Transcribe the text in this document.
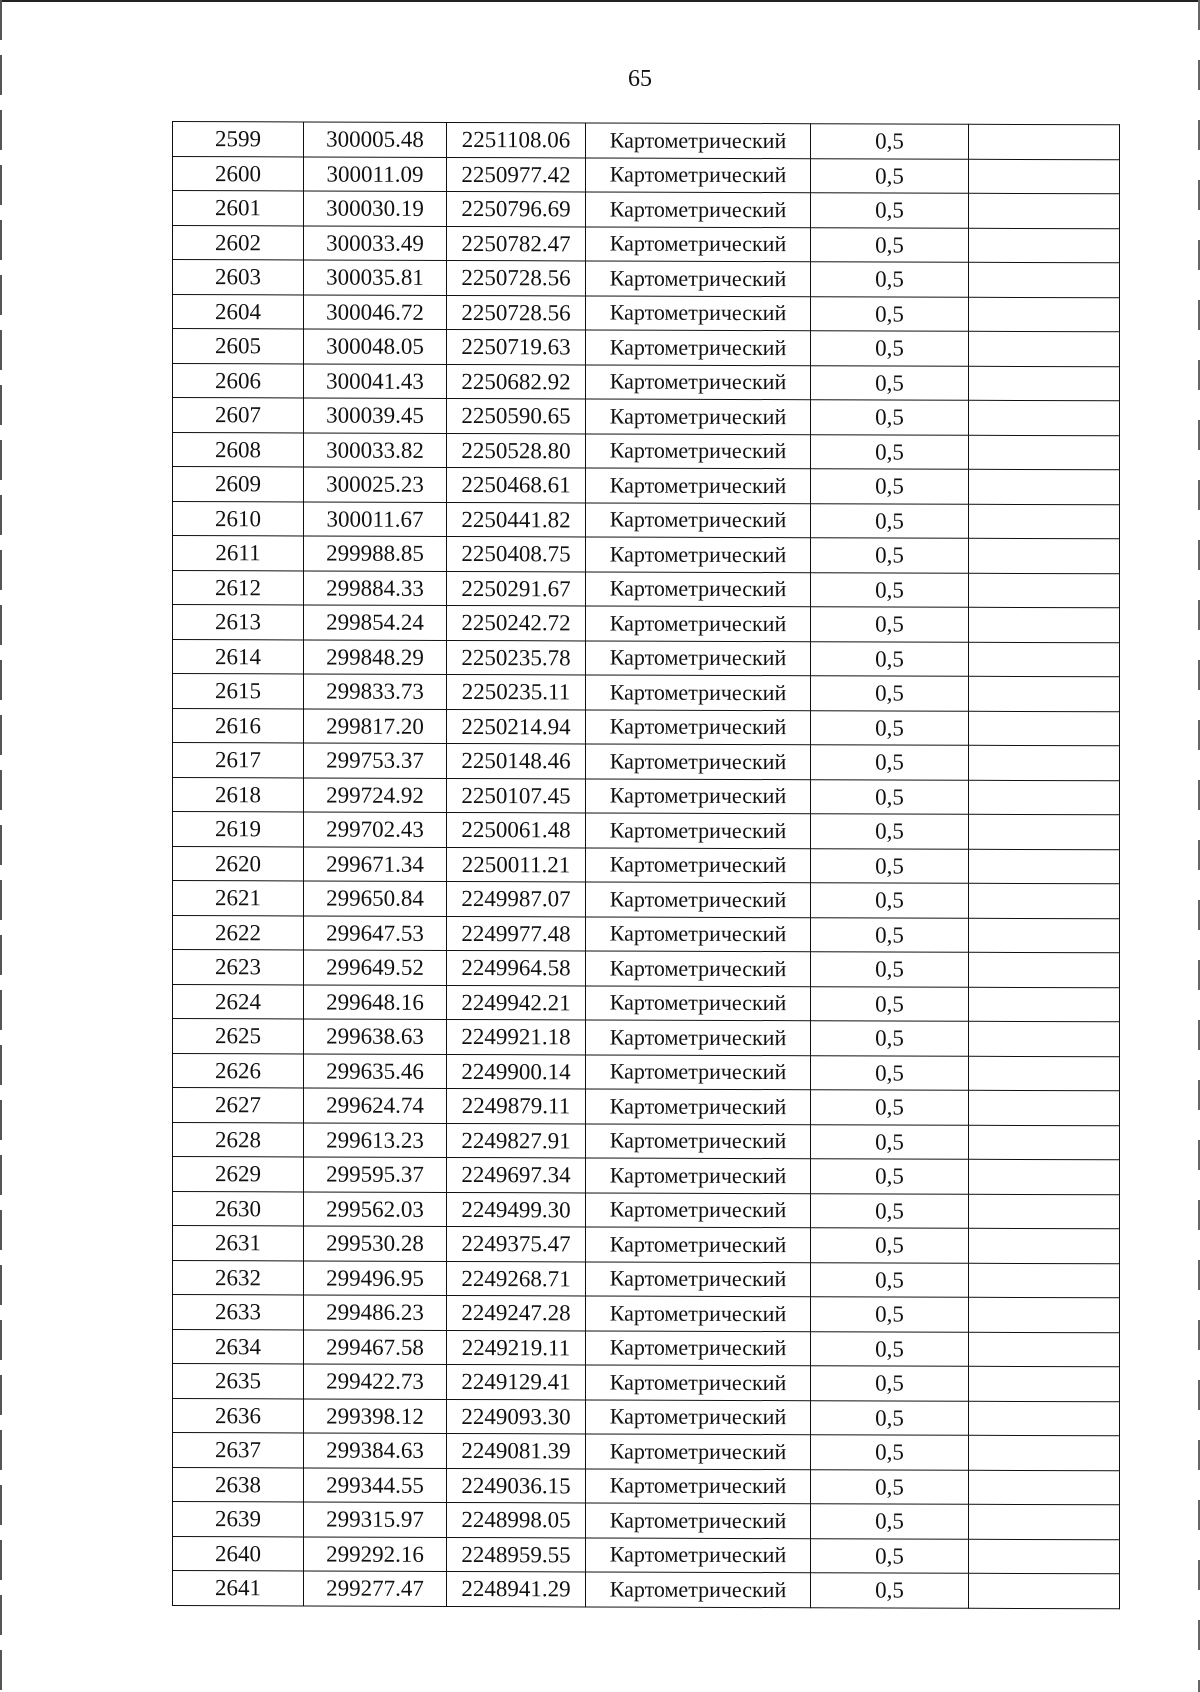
65
2599	300005.48	2251108.06	Картометрический	0,5	
2600	300011.09	2250977.42	Картометрический	0,5	
2601	300030.19	2250796.69	Картометрический	0,5	
2602	300033.49	2250782.47	Картометрический	0,5	
2603	300035.81	2250728.56	Картометрический	0,5	
2604	300046.72	2250728.56	Картометрический	0,5	
2605	300048.05	2250719.63	Картометрический	0,5	
2606	300041.43	2250682.92	Картометрический	0,5	
2607	300039.45	2250590.65	Картометрический	0,5	
2608	300033.82	2250528.80	Картометрический	0,5	
2609	300025.23	2250468.61	Картометрический	0,5	
2610	300011.67	2250441.82	Картометрический	0,5	
2611	299988.85	2250408.75	Картометрический	0,5	
2612	299884.33	2250291.67	Картометрический	0,5	
2613	299854.24	2250242.72	Картометрический	0,5	
2614	299848.29	2250235.78	Картометрический	0,5	
2615	299833.73	2250235.11	Картометрический	0,5	
2616	299817.20	2250214.94	Картометрический	0,5	
2617	299753.37	2250148.46	Картометрический	0,5	
2618	299724.92	2250107.45	Картометрический	0,5	
2619	299702.43	2250061.48	Картометрический	0,5	
2620	299671.34	2250011.21	Картометрический	0,5	
2621	299650.84	2249987.07	Картометрический	0,5	
2622	299647.53	2249977.48	Картометрический	0,5	
2623	299649.52	2249964.58	Картометрический	0,5	
2624	299648.16	2249942.21	Картометрический	0,5	
2625	299638.63	2249921.18	Картометрический	0,5	
2626	299635.46	2249900.14	Картометрический	0,5	
2627	299624.74	2249879.11	Картометрический	0,5	
2628	299613.23	2249827.91	Картометрический	0,5	
2629	299595.37	2249697.34	Картометрический	0,5	
2630	299562.03	2249499.30	Картометрический	0,5	
2631	299530.28	2249375.47	Картометрический	0,5	
2632	299496.95	2249268.71	Картометрический	0,5	
2633	299486.23	2249247.28	Картометрический	0,5	
2634	299467.58	2249219.11	Картометрический	0,5	
2635	299422.73	2249129.41	Картометрический	0,5	
2636	299398.12	2249093.30	Картометрический	0,5	
2637	299384.63	2249081.39	Картометрический	0,5	
2638	299344.55	2249036.15	Картометрический	0,5	
2639	299315.97	2248998.05	Картометрический	0,5	
2640	299292.16	2248959.55	Картометрический	0,5	
2641	299277.47	2248941.29	Картометрический	0,5	
